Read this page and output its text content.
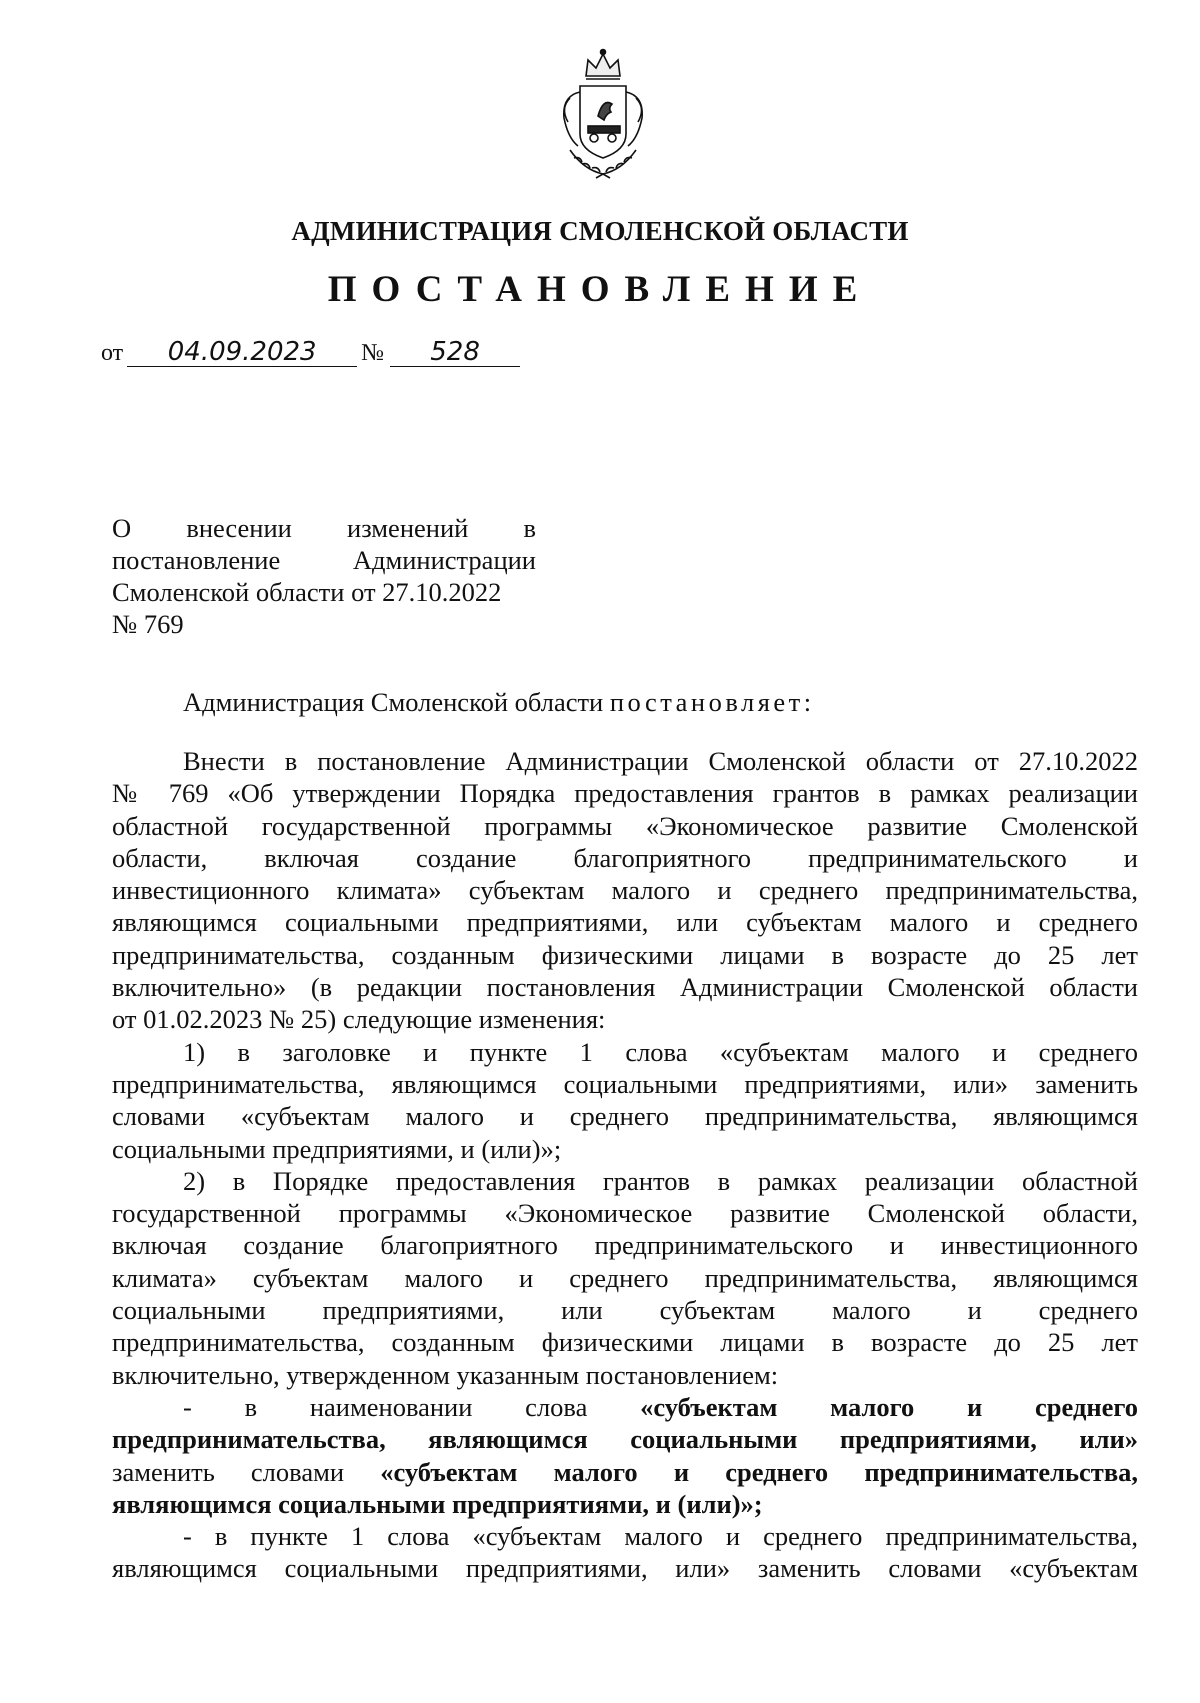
АДМИНИСТРАЦИЯ СМОЛЕНСКОЙ ОБЛАСТИ
ПОСТАНОВЛЕНИЕ
от 04.09.2023 № 528
О внесении изменений в
постановление Администрации
Смоленской области от 27.10.2022
№ 769
Администрация Смоленской области постановляет:
Внести в постановление Администрации Смоленской области от 27.10.2022
№ 769 «Об утверждении Порядка предоставления грантов в рамках реализации
областной государственной программы «Экономическое развитие Смоленской
области, включая создание благоприятного предпринимательского и
инвестиционного климата» субъектам малого и среднего предпринимательства,
являющимся социальными предприятиями, или субъектам малого и среднего
предпринимательства, созданным физическими лицами в возрасте до 25 лет
включительно» (в редакции постановления Администрации Смоленской области
от 01.02.2023 № 25) следующие изменения:
1) в заголовке и пункте 1 слова «субъектам малого и среднего
предпринимательства, являющимся социальными предприятиями, или» заменить
словами «субъектам малого и среднего предпринимательства, являющимся
социальными предприятиями, и (или)»;
2) в Порядке предоставления грантов в рамках реализации областной
государственной программы «Экономическое развитие Смоленской области,
включая создание благоприятного предпринимательского и инвестиционного
климата» субъектам малого и среднего предпринимательства, являющимся
социальными предприятиями, или субъектам малого и среднего
предпринимательства, созданным физическими лицами в возрасте до 25 лет
включительно, утвержденном указанным постановлением:
- в наименовании слова «субъектам малого и среднего
предпринимательства, являющимся социальными предприятиями, или»
заменить словами «субъектам малого и среднего предпринимательства,
являющимся социальными предприятиями, и (или)»;
- в пункте 1 слова «субъектам малого и среднего предпринимательства,
являющимся социальными предприятиями, или» заменить словами «субъектам
